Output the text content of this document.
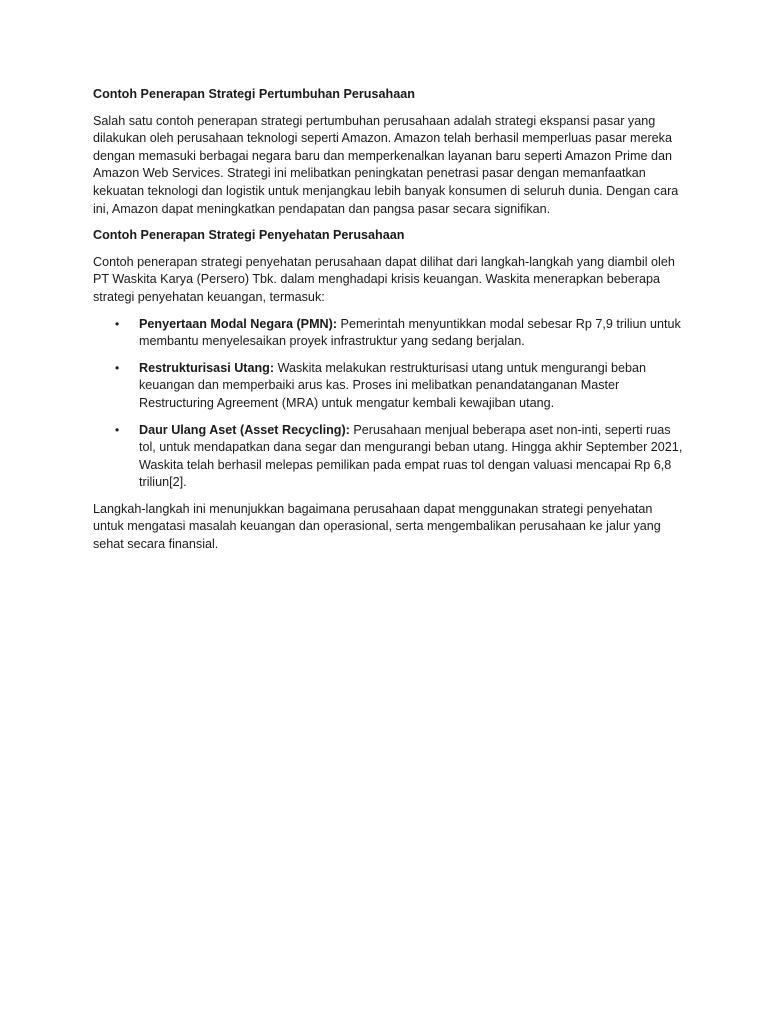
Contoh Penerapan Strategi Pertumbuhan Perusahaan

Salah satu contoh penerapan strategi pertumbuhan perusahaan adalah strategi ekspansi pasar yang dilakukan oleh perusahaan teknologi seperti Amazon. Amazon telah berhasil memperluas pasar mereka dengan memasuki berbagai negara baru dan memperkenalkan layanan baru seperti Amazon Prime dan Amazon Web Services. Strategi ini melibatkan peningkatan penetrasi pasar dengan memanfaatkan kekuatan teknologi dan logistik untuk menjangkau lebih banyak konsumen di seluruh dunia. Dengan cara ini, Amazon dapat meningkatkan pendapatan dan pangsa pasar secara signifikan.

Contoh Penerapan Strategi Penyehatan Perusahaan

Contoh penerapan strategi penyehatan perusahaan dapat dilihat dari langkah-langkah yang diambil oleh PT Waskita Karya (Persero) Tbk. dalam menghadapi krisis keuangan. Waskita menerapkan beberapa strategi penyehatan keuangan, termasuk:

• Penyertaan Modal Negara (PMN): Pemerintah menyuntikkan modal sebesar Rp 7,9 triliun untuk membantu menyelesaikan proyek infrastruktur yang sedang berjalan.
• Restrukturisasi Utang: Waskita melakukan restrukturisasi utang untuk mengurangi beban keuangan dan memperbaiki arus kas. Proses ini melibatkan penandatanganan Master Restructuring Agreement (MRA) untuk mengatur kembali kewajiban utang.
• Daur Ulang Aset (Asset Recycling): Perusahaan menjual beberapa aset non-inti, seperti ruas tol, untuk mendapatkan dana segar dan mengurangi beban utang. Hingga akhir September 2021, Waskita telah berhasil melepas pemilikan pada empat ruas tol dengan valuasi mencapai Rp 6,8 triliun[2].

Langkah-langkah ini menunjukkan bagaimana perusahaan dapat menggunakan strategi penyehatan untuk mengatasi masalah keuangan dan operasional, serta mengembalikan perusahaan ke jalur yang sehat secara finansial.
